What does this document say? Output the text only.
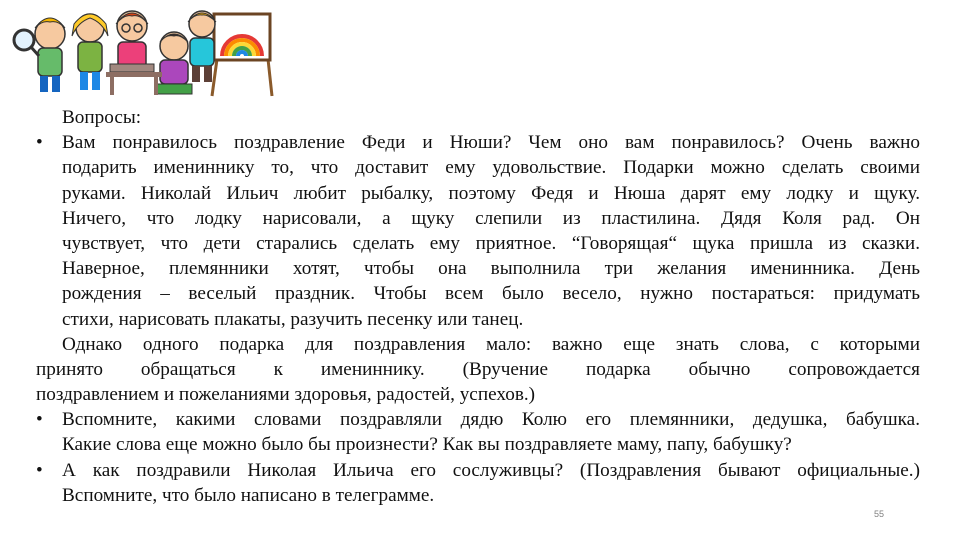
Вопросы:
•	Вам понравилось поздравление Феди и Нюши? Чем оно вам понравилось? Очень важно
подарить имениннику то, что доставит ему удовольствие. Подарки можно сделать своими
руками. Николай Ильич любит рыбалку, поэтому Федя и Нюша дарят ему лодку и щуку.
Ничего, что лодку нарисовали, а щуку слепили из пластилина. Дядя Коля рад. Он
чувствует, что дети старались сделать ему приятное. “Говорящая“ щука пришла из сказки.
Наверное, племянники хотят, чтобы она выполнила три желания именинника. День
рождения – веселый праздник. Чтобы всем было весело, нужно постараться: придумать
стихи, нарисовать плакаты, разучить песенку или танец.
Однако одного подарка для поздравления мало: важно еще знать слова, с которыми
принято обращаться к имениннику. (Вручение подарка обычно сопровождается
поздравлением и пожеланиями здоровья, радостей, успехов.)
•	Вспомните, какими словами поздравляли дядю Колю его племянники, дедушка, бабушка.
Какие слова еще можно было бы произнести? Как вы поздравляете маму, папу, бабушку?
•	А как поздравили Николая Ильича его сослуживцы? (Поздравления бывают официальные.)
Вспомните, что было написано в телеграмме.
55
